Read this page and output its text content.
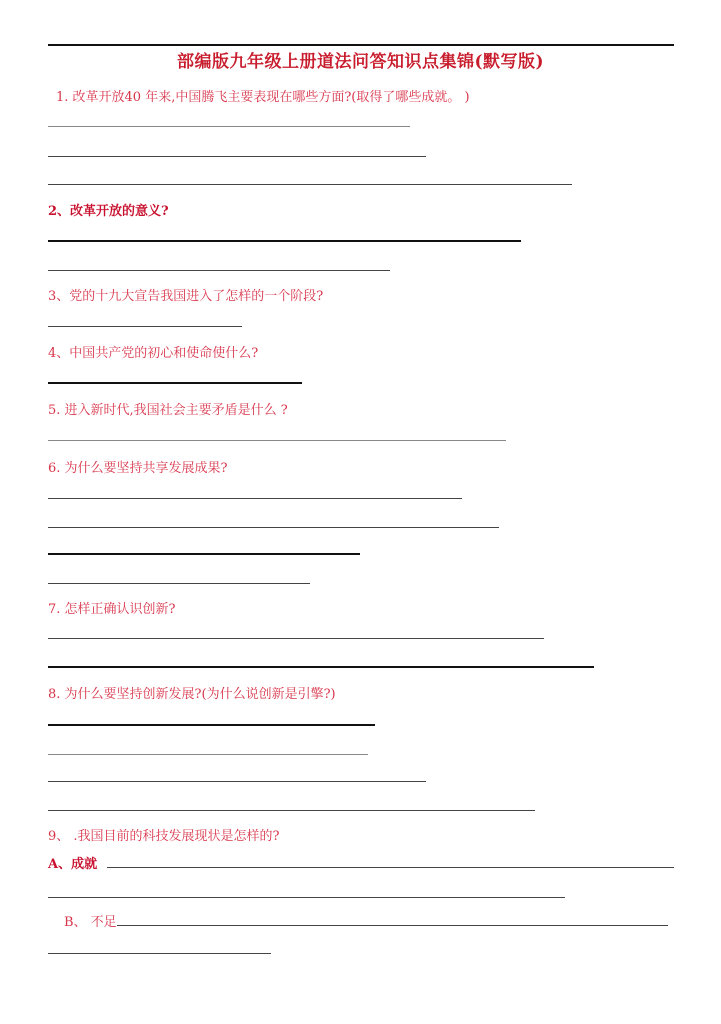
部编版九年级上册道法问答知识点集锦(默写版)
1. 改革开放40 年来,中国腾飞主要表现在哪些方面?(取得了哪些成就。 )
2、改革开放的意义?
3、党的十九大宣告我国进入了怎样的一个阶段?
4、中国共产党的初心和使命使什么?
5. 进入新时代,我国社会主要矛盾是什么 ?
6. 为什么要坚持共享发展成果?
7. 怎样正确认识创新?
8. 为什么要坚持创新发展?(为什么说创新是引擎?)
9、 .我国目前的科技发展现状是怎样的?
A、成就
B、 不足
